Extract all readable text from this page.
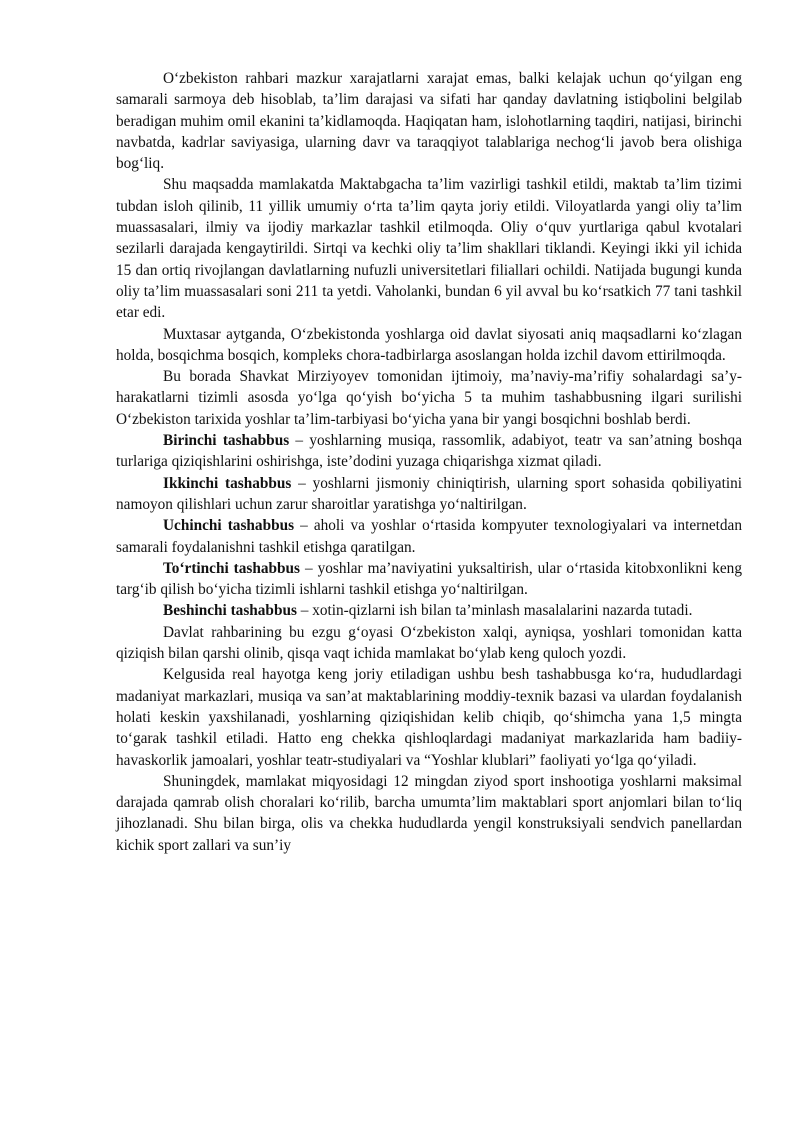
O‘zbekiston rahbari mazkur xarajatlarni xarajat emas, balki kelajak uchun qo‘yilgan eng samarali sarmoya deb hisoblab, ta’lim darajasi va sifati har qanday davlatning istiqbolini belgilab beradigan muhim omil ekanini ta’kidlamoqda. Haqiqatan ham, islohotlarning taqdiri, natijasi, birinchi navbatda, kadrlar saviyasiga, ularning davr va taraqqiyot talablariga nechog‘li javob bera olishiga bog‘liq.

Shu maqsadda mamlakatda Maktabgacha ta’lim vazirligi tashkil etildi, maktab ta’lim tizimi tubdan isloh qilinib, 11 yillik umumiy o‘rta ta’lim qayta joriy etildi. Viloyatlarda yangi oliy ta’lim muassasalari, ilmiy va ijodiy markazlar tashkil etilmoqda. Oliy o‘quv yurtlariga qabul kvotalari sezilarli darajada kengaytirildi. Sirtqi va kechki oliy ta’lim shakllari tiklandi. Keyingi ikki yil ichida 15 dan ortiq rivojlangan davlatlarning nufuzli universitetlari filiallari ochildi. Natijada bugungi kunda oliy ta’lim muassasalari soni 211 ta yetdi. Vaholanki, bundan 6 yil avval bu ko‘rsatkich 77 tani tashkil etar edi.

Muxtasar aytganda, O‘zbekistonda yoshlarga oid davlat siyosati aniq maqsadlarni ko‘zlagan holda, bosqichma bosqich, kompleks chora-tadbirlarga asoslangan holda izchil davom ettirilmoqda.

Bu borada Shavkat Mirziyoyev tomonidan ijtimoiy, ma’naviy-ma’rifiy sohalardagi sa’y-harakatlarni tizimli asosda yo‘lga qo‘yish bo‘yicha 5 ta muhim tashabbusning ilgari surilishi O‘zbekiston tarixida yoshlar ta’lim-tarbiyasi bo‘yicha yana bir yangi bosqichni boshlab berdi.

Birinchi tashabbus – yoshlarning musiqa, rassomlik, adabiyot, teatr va san’atning boshqa turlariga qiziqishlarini oshirishga, iste’dodini yuzaga chiqarishga xizmat qiladi.

Ikkinchi tashabbus – yoshlarni jismoniy chiniqtirish, ularning sport sohasida qobiliyatini namoyon qilishlari uchun zarur sharoitlar yaratishga yo‘naltirilgan.

Uchinchi tashabbus – aholi va yoshlar o‘rtasida kompyuter texnologiyalari va internetdan samarali foydalanishni tashkil etishga qaratilgan.

To‘rtinchi tashabbus – yoshlar ma’naviyatini yuksaltirish, ular o‘rtasida kitobxonlikni keng targ‘ib qilish bo‘yicha tizimli ishlarni tashkil etishga yo‘naltirilgan.

Beshinchi tashabbus – xotin-qizlarni ish bilan ta’minlash masalalarini nazarda tutadi.

Davlat rahbarining bu ezgu g‘oyasi O‘zbekiston xalqi, ayniqsa, yoshlari tomonidan katta qiziqish bilan qarshi olinib, qisqa vaqt ichida mamlakat bo‘ylab keng quloch yozdi.

Kelgusida real hayotga keng joriy etiladigan ushbu besh tashabbusga ko‘ra, hududlardagi madaniyat markazlari, musiqa va san’at maktablarining moddiy-texnik bazasi va ulardan foydalanish holati keskin yaxshilanadi, yoshlarning qiziqishidan kelib chiqib, qo‘shimcha yana 1,5 mingta to‘garak tashkil etiladi. Hatto eng chekka qishloqlardagi madaniyat markazlarida ham badiiy-havaskorlik jamoalari, yoshlar teatr-studiyalari va “Yoshlar klublari” faoliyati yo‘lga qo‘yiladi.

Shuningdek, mamlakat miqyosidagi 12 mingdan ziyod sport inshootiga yoshlarni maksimal darajada qamrab olish choralari ko‘rilib, barcha umumta’lim maktablari sport anjomlari bilan to‘liq jihozlanadi. Shu bilan birga, olis va chekka hududlarda yengil konstruksiyali sendvich panellardan kichik sport zallari va sun’iy
